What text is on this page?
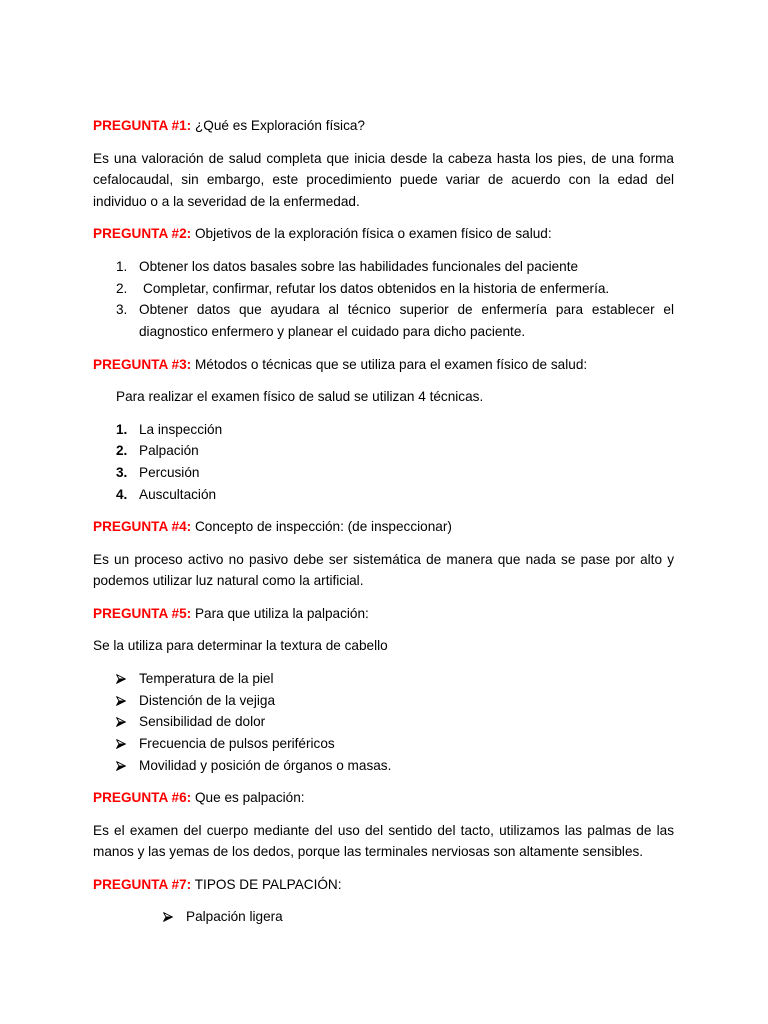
PREGUNTA #1: ¿Qué es Exploración física?
Es una valoración de salud completa que inicia desde la cabeza hasta los pies, de una forma
cefalocaudal, sin embargo, este procedimiento puede variar de acuerdo con la edad del
individuo o a la severidad de la enfermedad.
PREGUNTA #2: Objetivos de la exploración física o examen físico de salud:
1. Obtener los datos basales sobre las habilidades funcionales del paciente
2. Completar, confirmar, refutar los datos obtenidos en la historia de enfermería.
3. Obtener datos que ayudara al técnico superior de enfermería para establecer el
diagnostico enfermero y planear el cuidado para dicho paciente.
PREGUNTA #3: Métodos o técnicas que se utiliza para el examen físico de salud:
Para realizar el examen físico de salud se utilizan 4 técnicas.
1. La inspección
2. Palpación
3. Percusión
4. Auscultación
PREGUNTA #4: Concepto de inspección: (de inspeccionar)
Es un proceso activo no pasivo debe ser sistemática de manera que nada se pase por alto y
podemos utilizar luz natural como la artificial.
PREGUNTA #5: Para que utiliza la palpación:
Se la utiliza para determinar la textura de cabello
Temperatura de la piel
Distención de la vejiga
Sensibilidad de dolor
Frecuencia de pulsos periféricos
Movilidad y posición de órganos o masas.
PREGUNTA #6: Que es palpación:
Es el examen del cuerpo mediante del uso del sentido del tacto, utilizamos las palmas de las
manos y las yemas de los dedos, porque las terminales nerviosas son altamente sensibles.
PREGUNTA #7: TIPOS DE PALPACIÓN:
Palpación ligera
